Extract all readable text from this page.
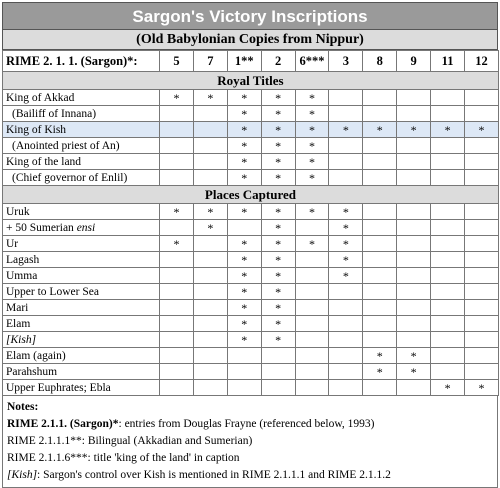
Sargon's Victory Inscriptions
(Old Babylonian Copies from Nippur)
RIME 2. 1. 1. (Sargon)*:	5	7	1**	2	6***	3	8	9	11	12
Royal Titles										
King of Akkad	*	*	*	*	*					
(Bailiff of Innana)			*	*	*					
King of Kish			*	*	*	*	*	*	*	*
(Anointed priest of An)			*	*	*					
King of the land			*	*	*					
(Chief governor of Enlil)			*	*	*					
Places Captured										
Uruk	*	*	*	*	*	*				
+ 50 Sumerian ensi		*		*		*				
Ur	*		*	*	*	*				
Lagash			*	*		*				
Umma			*	*		*				
Upper to Lower Sea			*	*						
Mari			*	*						
Elam			*	*						
[Kish]			*	*						
Elam (again)							*	*		
Parahshum							*	*		
Upper Euphrates; Ebla									*	*
Notes:
RIME 2.1.1. (Sargon)*: entries from Douglas Frayne (referenced below, 1993)
RIME 2.1.1.1**: Bilingual (Akkadian and Sumerian)
RIME 2.1.1.6***: title 'king of the land' in caption
[Kish]: Sargon's control over Kish is mentioned in RIME 2.1.1.1 and RIME 2.1.1.2
